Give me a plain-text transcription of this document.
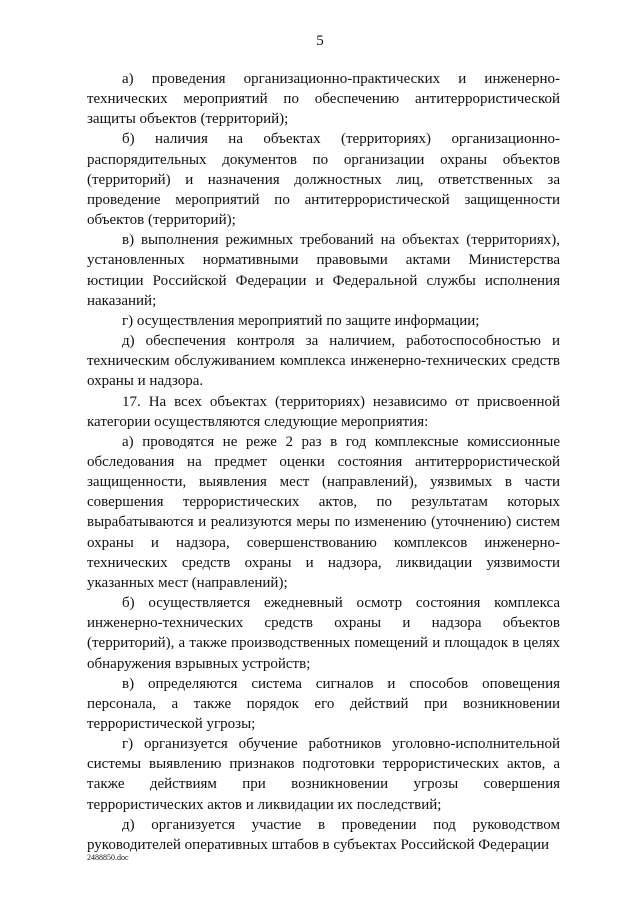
5

а) проведения организационно-практических и инженерно-технических мероприятий по обеспечению антитеррористической защиты объектов (территорий);

б) наличия на объектах (территориях) организационно-распорядительных документов по организации охраны объектов (территорий) и назначения должностных лиц, ответственных за проведение мероприятий по антитеррористической защищенности объектов (территорий);

в) выполнения режимных требований на объектах (территориях), установленных нормативными правовыми актами Министерства юстиции Российской Федерации и Федеральной службы исполнения наказаний;

г) осуществления мероприятий по защите информации;

д) обеспечения контроля за наличием, работоспособностью и техническим обслуживанием комплекса инженерно-технических средств охраны и надзора.

17. На всех объектах (территориях) независимо от присвоенной категории осуществляются следующие мероприятия:

а) проводятся не реже 2 раз в год комплексные комиссионные обследования на предмет оценки состояния антитеррористической защищенности, выявления мест (направлений), уязвимых в части совершения террористических актов, по результатам которых вырабатываются и реализуются меры по изменению (уточнению) систем охраны и надзора, совершенствованию комплексов инженерно-технических средств охраны и надзора, ликвидации уязвимости указанных мест (направлений);

б) осуществляется ежедневный осмотр состояния комплекса инженерно-технических средств охраны и надзора объектов (территорий), а также производственных помещений и площадок в целях обнаружения взрывных устройств;

в) определяются система сигналов и способов оповещения персонала, а также порядок его действий при возникновении террористической угрозы;

г) организуется обучение работников уголовно-исполнительной системы выявлению признаков подготовки террористических актов, а также действиям при возникновении угрозы совершения террористических актов и ликвидации их последствий;

д) организуется участие в проведении под руководством руководителей оперативных штабов в субъектах Российской Федерации

2488850.doc
